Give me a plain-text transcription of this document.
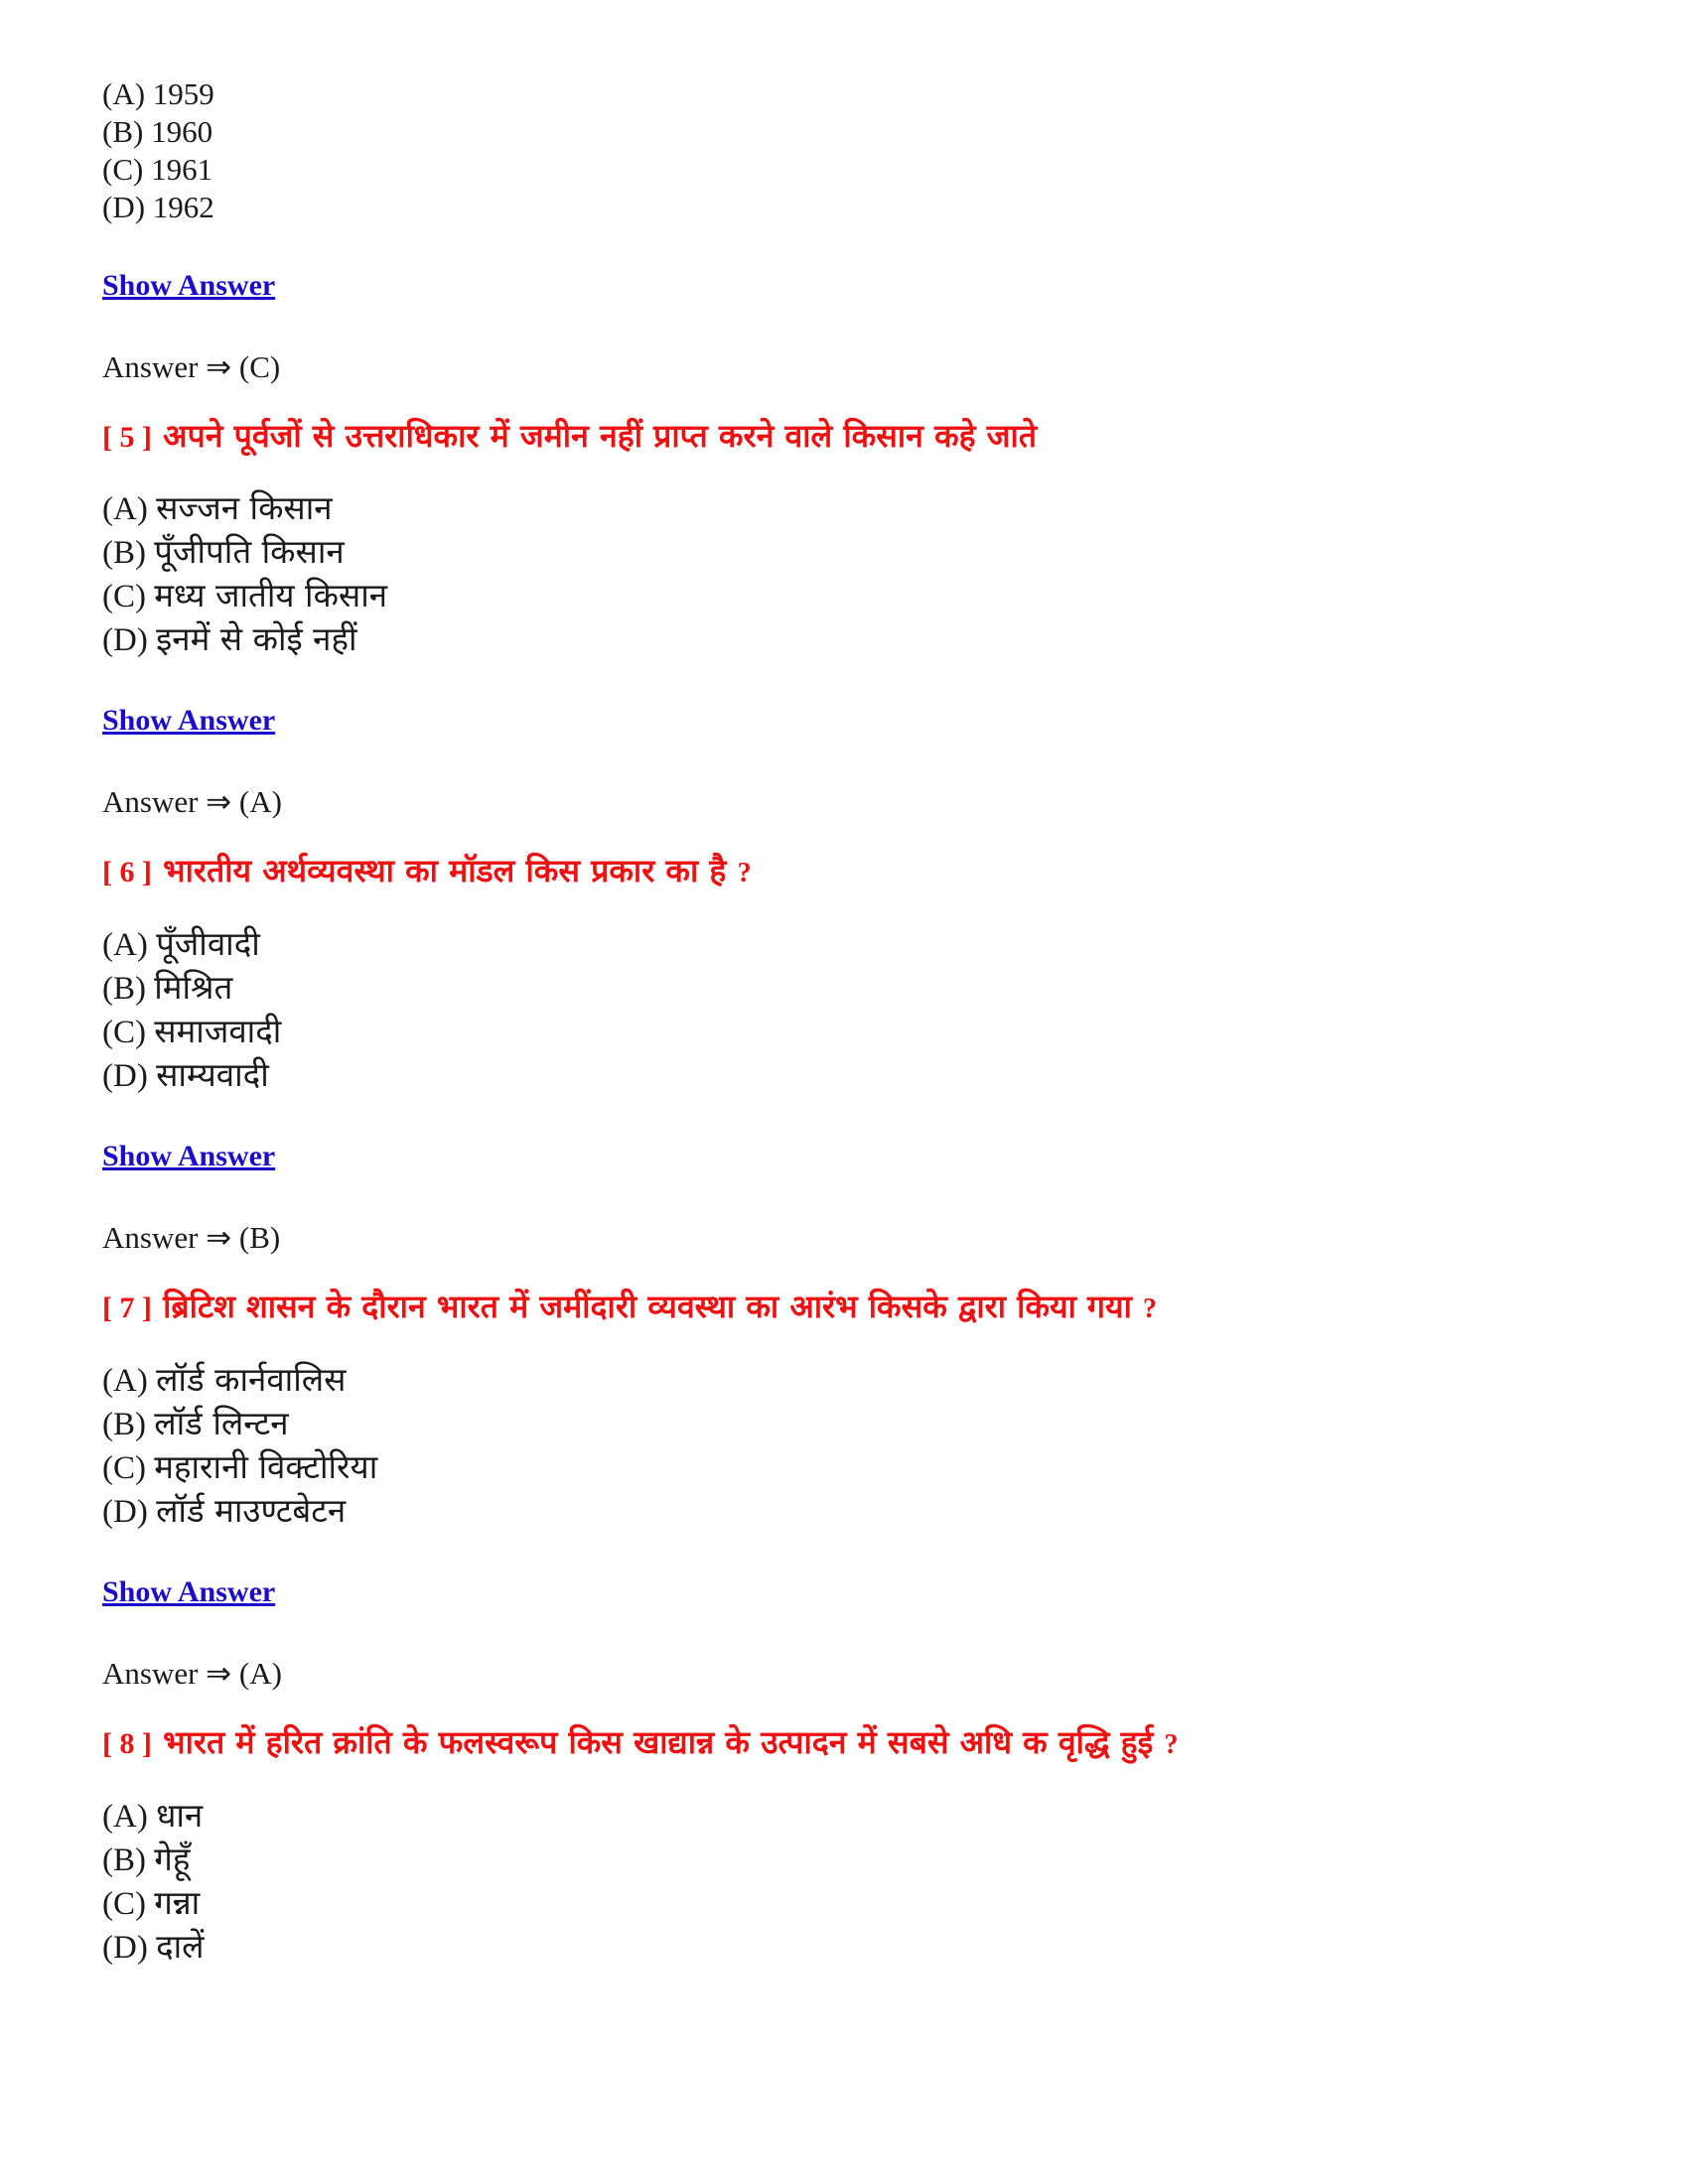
(A) 1959
(B) 1960
(C) 1961
(D) 1962
Show Answer
Answer ⇒ (C)
[ 5 ] अपने पूर्वजों से उत्तराधिकार में जमीन नहीं प्राप्त करने वाले किसान कहे जाते
(A) सज्जन किसान
(B) पूँजीपति किसान
(C) मध्य जातीय किसान
(D) इनमें से कोई नहीं
Show Answer
Answer ⇒ (A)
[ 6 ] भारतीय अर्थव्यवस्था का मॉडल किस प्रकार का है ?
(A) पूँजीवादी
(B) मिश्रित
(C) समाजवादी
(D) साम्यवादी
Show Answer
Answer ⇒ (B)
[ 7 ] ब्रिटिश शासन के दौरान भारत में जमींदारी व्यवस्था का आरंभ किसके द्वारा किया गया ?
(A) लॉर्ड कार्नवालिस
(B) लॉर्ड लिन्टन
(C) महारानी विक्टोरिया
(D) लॉर्ड माउण्टबेटन
Show Answer
Answer ⇒ (A)
[ 8 ] भारत में हरित क्रांति के फलस्वरूप किस खाद्यान्न के उत्पादन में सबसे अधि क वृद्धि हुई ?
(A) धान
(B) गेहूँ
(C) गन्ना
(D) दालें
